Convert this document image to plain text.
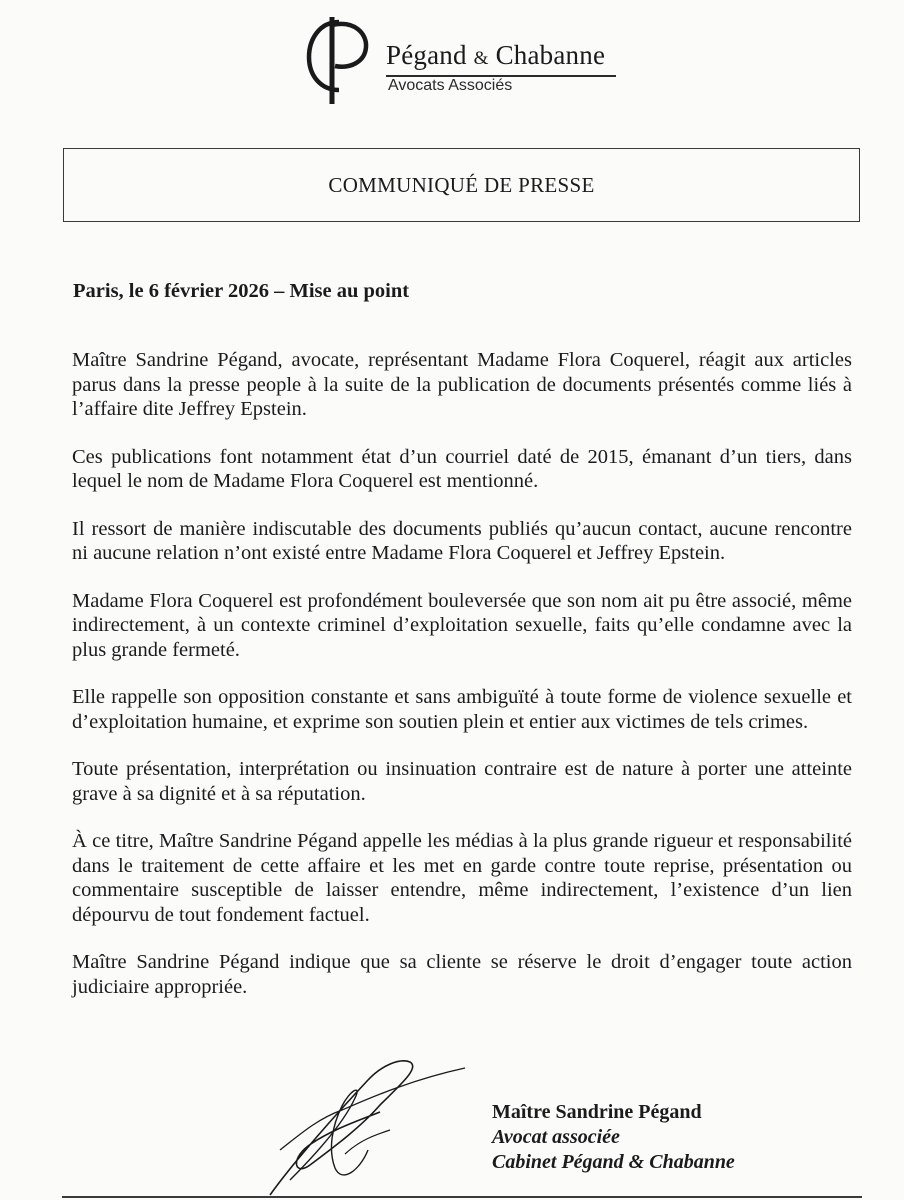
Pégand & Chabanne
Avocats Associés
COMMUNIQUÉ DE PRESSE
Paris, le 6 février 2026 – Mise au point

Maître Sandrine Pégand, avocate, représentant Madame Flora Coquerel, réagit aux articles parus dans la presse people à la suite de la publication de documents présentés comme liés à l’affaire dite Jeffrey Epstein.

Ces publications font notamment état d’un courriel daté de 2015, émanant d’un tiers, dans lequel le nom de Madame Flora Coquerel est mentionné.

Il ressort de manière indiscutable des documents publiés qu’aucun contact, aucune rencontre ni aucune relation n’ont existé entre Madame Flora Coquerel et Jeffrey Epstein.

Madame Flora Coquerel est profondément bouleversée que son nom ait pu être associé, même indirectement, à un contexte criminel d’exploitation sexuelle, faits qu’elle condamne avec la plus grande fermeté.

Elle rappelle son opposition constante et sans ambiguïté à toute forme de violence sexuelle et d’exploitation humaine, et exprime son soutien plein et entier aux victimes de tels crimes.

Toute présentation, interprétation ou insinuation contraire est de nature à porter une atteinte grave à sa dignité et à sa réputation.

À ce titre, Maître Sandrine Pégand appelle les médias à la plus grande rigueur et responsabilité dans le traitement de cette affaire et les met en garde contre toute reprise, présentation ou commentaire susceptible de laisser entendre, même indirectement, l’existence d’un lien dépourvu de tout fondement factuel.

Maître Sandrine Pégand indique que sa cliente se réserve le droit d’engager toute action judiciaire appropriée.

Maître Sandrine Pégand
Avocat associée
Cabinet Pégand & Chabanne
